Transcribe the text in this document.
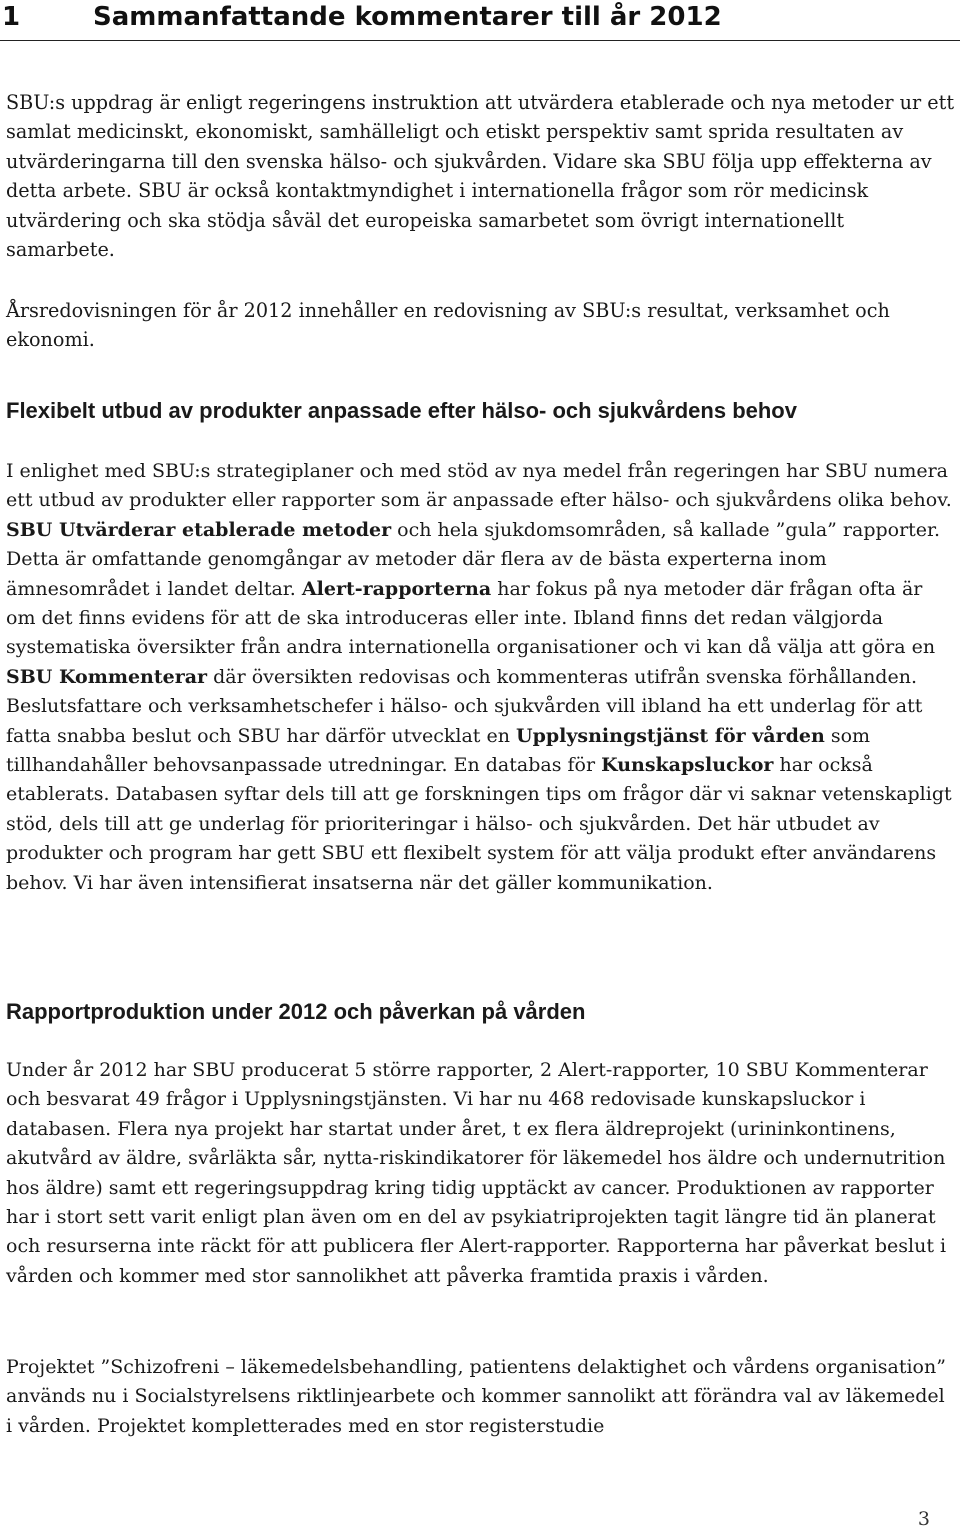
1	Sammanfattande kommentarer till år 2012

SBU:s uppdrag är enligt regeringens instruktion att utvärdera etablerade och nya metoder ur ett samlat medicinskt, ekonomiskt, samhälleligt och etiskt perspektiv samt sprida resultaten av utvärderingarna till den svenska hälso- och sjukvården. Vidare ska SBU följa upp effekterna av detta arbete. SBU är också kontaktmyndighet i internationella frågor som rör medicinsk utvärdering och ska stödja såväl det europeiska samarbetet som övrigt internationellt samarbete.

Årsredovisningen för år 2012 innehåller en redovisning av SBU:s resultat, verksamhet och ekonomi.

Flexibelt utbud av produkter anpassade efter hälso- och sjukvårdens behov

I enlighet med SBU:s strategiplaner och med stöd av nya medel från regeringen har SBU numera ett utbud av produkter eller rapporter som är anpassade efter hälso- och sjukvårdens olika behov. SBU Utvärderar etablerade metoder och hela sjukdomsområden, så kallade ”gula” rapporter. Detta är omfattande genomgångar av metoder där flera av de bästa experterna inom ämnesområdet i landet deltar. Alert-rapporterna har fokus på nya metoder där frågan ofta är om det finns evidens för att de ska introduceras eller inte. Ibland finns det redan välgjorda systematiska översikter från andra internationella organisationer och vi kan då välja att göra en SBU Kommenterar där översikten redovisas och kommenteras utifrån svenska förhållanden. Beslutsfattare och verksamhetschefer i hälso- och sjukvården vill ibland ha ett underlag för att fatta snabba beslut och SBU har därför utvecklat en Upplysningstjänst för vården som tillhandahåller behovsanpassade utredningar. En databas för Kunskapsluckor har också etablerats. Databasen syftar dels till att ge forskningen tips om frågor där vi saknar vetenskapligt stöd, dels till att ge underlag för prioriteringar i hälso- och sjukvården. Det här utbudet av produkter och program har gett SBU ett flexibelt system för att välja produkt efter användarens behov. Vi har även intensifierat insatserna när det gäller kommunikation.

Rapportproduktion under 2012 och påverkan på vården

Under år 2012 har SBU producerat 5 större rapporter, 2 Alert-rapporter, 10 SBU Kommenterar och besvarat 49 frågor i Upplysningstjänsten. Vi har nu 468 redovisade kunskapsluckor i databasen. Flera nya projekt har startat under året, t ex flera äldreprojekt (urininkontinens, akutvård av äldre, svårläkta sår, nytta-riskindikatorer för läkemedel hos äldre och undernutrition hos äldre) samt ett regeringsuppdrag kring tidig upptäckt av cancer. Produktionen av rapporter har i stort sett varit enligt plan även om en del av psykiatriprojekten tagit längre tid än planerat och resurserna inte räckt för att publicera fler Alert-rapporter. Rapporterna har påverkat beslut i vården och kommer med stor sannolikhet att påverka framtida praxis i vården.

Projektet ”Schizofreni – läkemedelsbehandling, patientens delaktighet och vårdens organisation” används nu i Socialstyrelsens riktlinjearbete och kommer sannolikt att förändra val av läkemedel i vården. Projektet kompletterades med en stor registerstudie

3
